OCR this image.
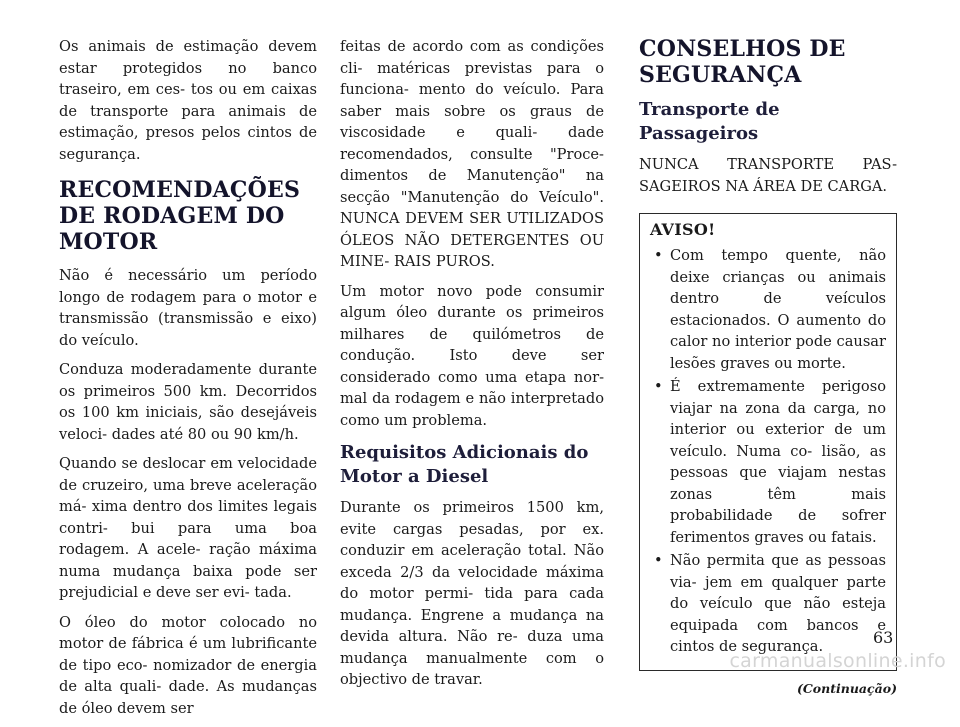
Os animais de estimação devem estar protegidos no banco traseiro, em ces- tos ou em caixas de transporte para animais de estimação, presos pelos cintos de segurança.

RECOMENDAÇÕES DE RODAGEM DO MOTOR

Não é necessário um período longo de rodagem para o motor e transmissão (transmissão e eixo) do veículo.

Conduza moderadamente durante os primeiros 500 km. Decorridos os 100 km iniciais, são desejáveis veloci- dades até 80 ou 90 km/h.

Quando se deslocar em velocidade de cruzeiro, uma breve aceleração má- xima dentro dos limites legais contri- bui para uma boa rodagem. A acele- ração máxima numa mudança baixa pode ser prejudicial e deve ser evi- tada.

O óleo do motor colocado no motor de fábrica é um lubrificante de tipo eco- nomizador de energia de alta quali- dade. As mudanças de óleo devem ser

feitas de acordo com as condições cli- matéricas previstas para o funciona- mento do veículo. Para saber mais sobre os graus de viscosidade e quali- dade recomendados, consulte "Proce- dimentos de Manutenção" na secção "Manutenção do Veículo". NUNCA DEVEM SER UTILIZADOS ÓLEOS NÃO DETERGENTES OU MINE- RAIS PUROS.

Um motor novo pode consumir algum óleo durante os primeiros milhares de quilómetros de condução. Isto deve ser considerado como uma etapa nor- mal da rodagem e não interpretado como um problema.

Requisitos Adicionais do Motor a Diesel

Durante os primeiros 1500 km, evite cargas pesadas, por ex. conduzir em aceleração total. Não exceda 2/3 da velocidade máxima do motor permi- tida para cada mudança. Engrene a mudança na devida altura. Não re- duza uma mudança manualmente com o objectivo de travar.

CONSELHOS DE SEGURANÇA
Transporte de Passageiros

NUNCA TRANSPORTE PAS- SAGEIROS NA ÁREA DE CARGA.

AVISO!
• Com tempo quente, não deixe crianças ou animais dentro de veículos estacionados. O aumento do calor no interior pode causar lesões graves ou morte.
• É extremamente perigoso viajar na zona da carga, no interior ou exterior de um veículo. Numa co- lisão, as pessoas que viajam nestas zonas têm mais probabilidade de sofrer ferimentos graves ou fatais.
• Não permita que as pessoas via- jem em qualquer parte do veículo que não esteja equipada com bancos e cintos de segurança.
(Continuação)
63
carmanualsonline.info
